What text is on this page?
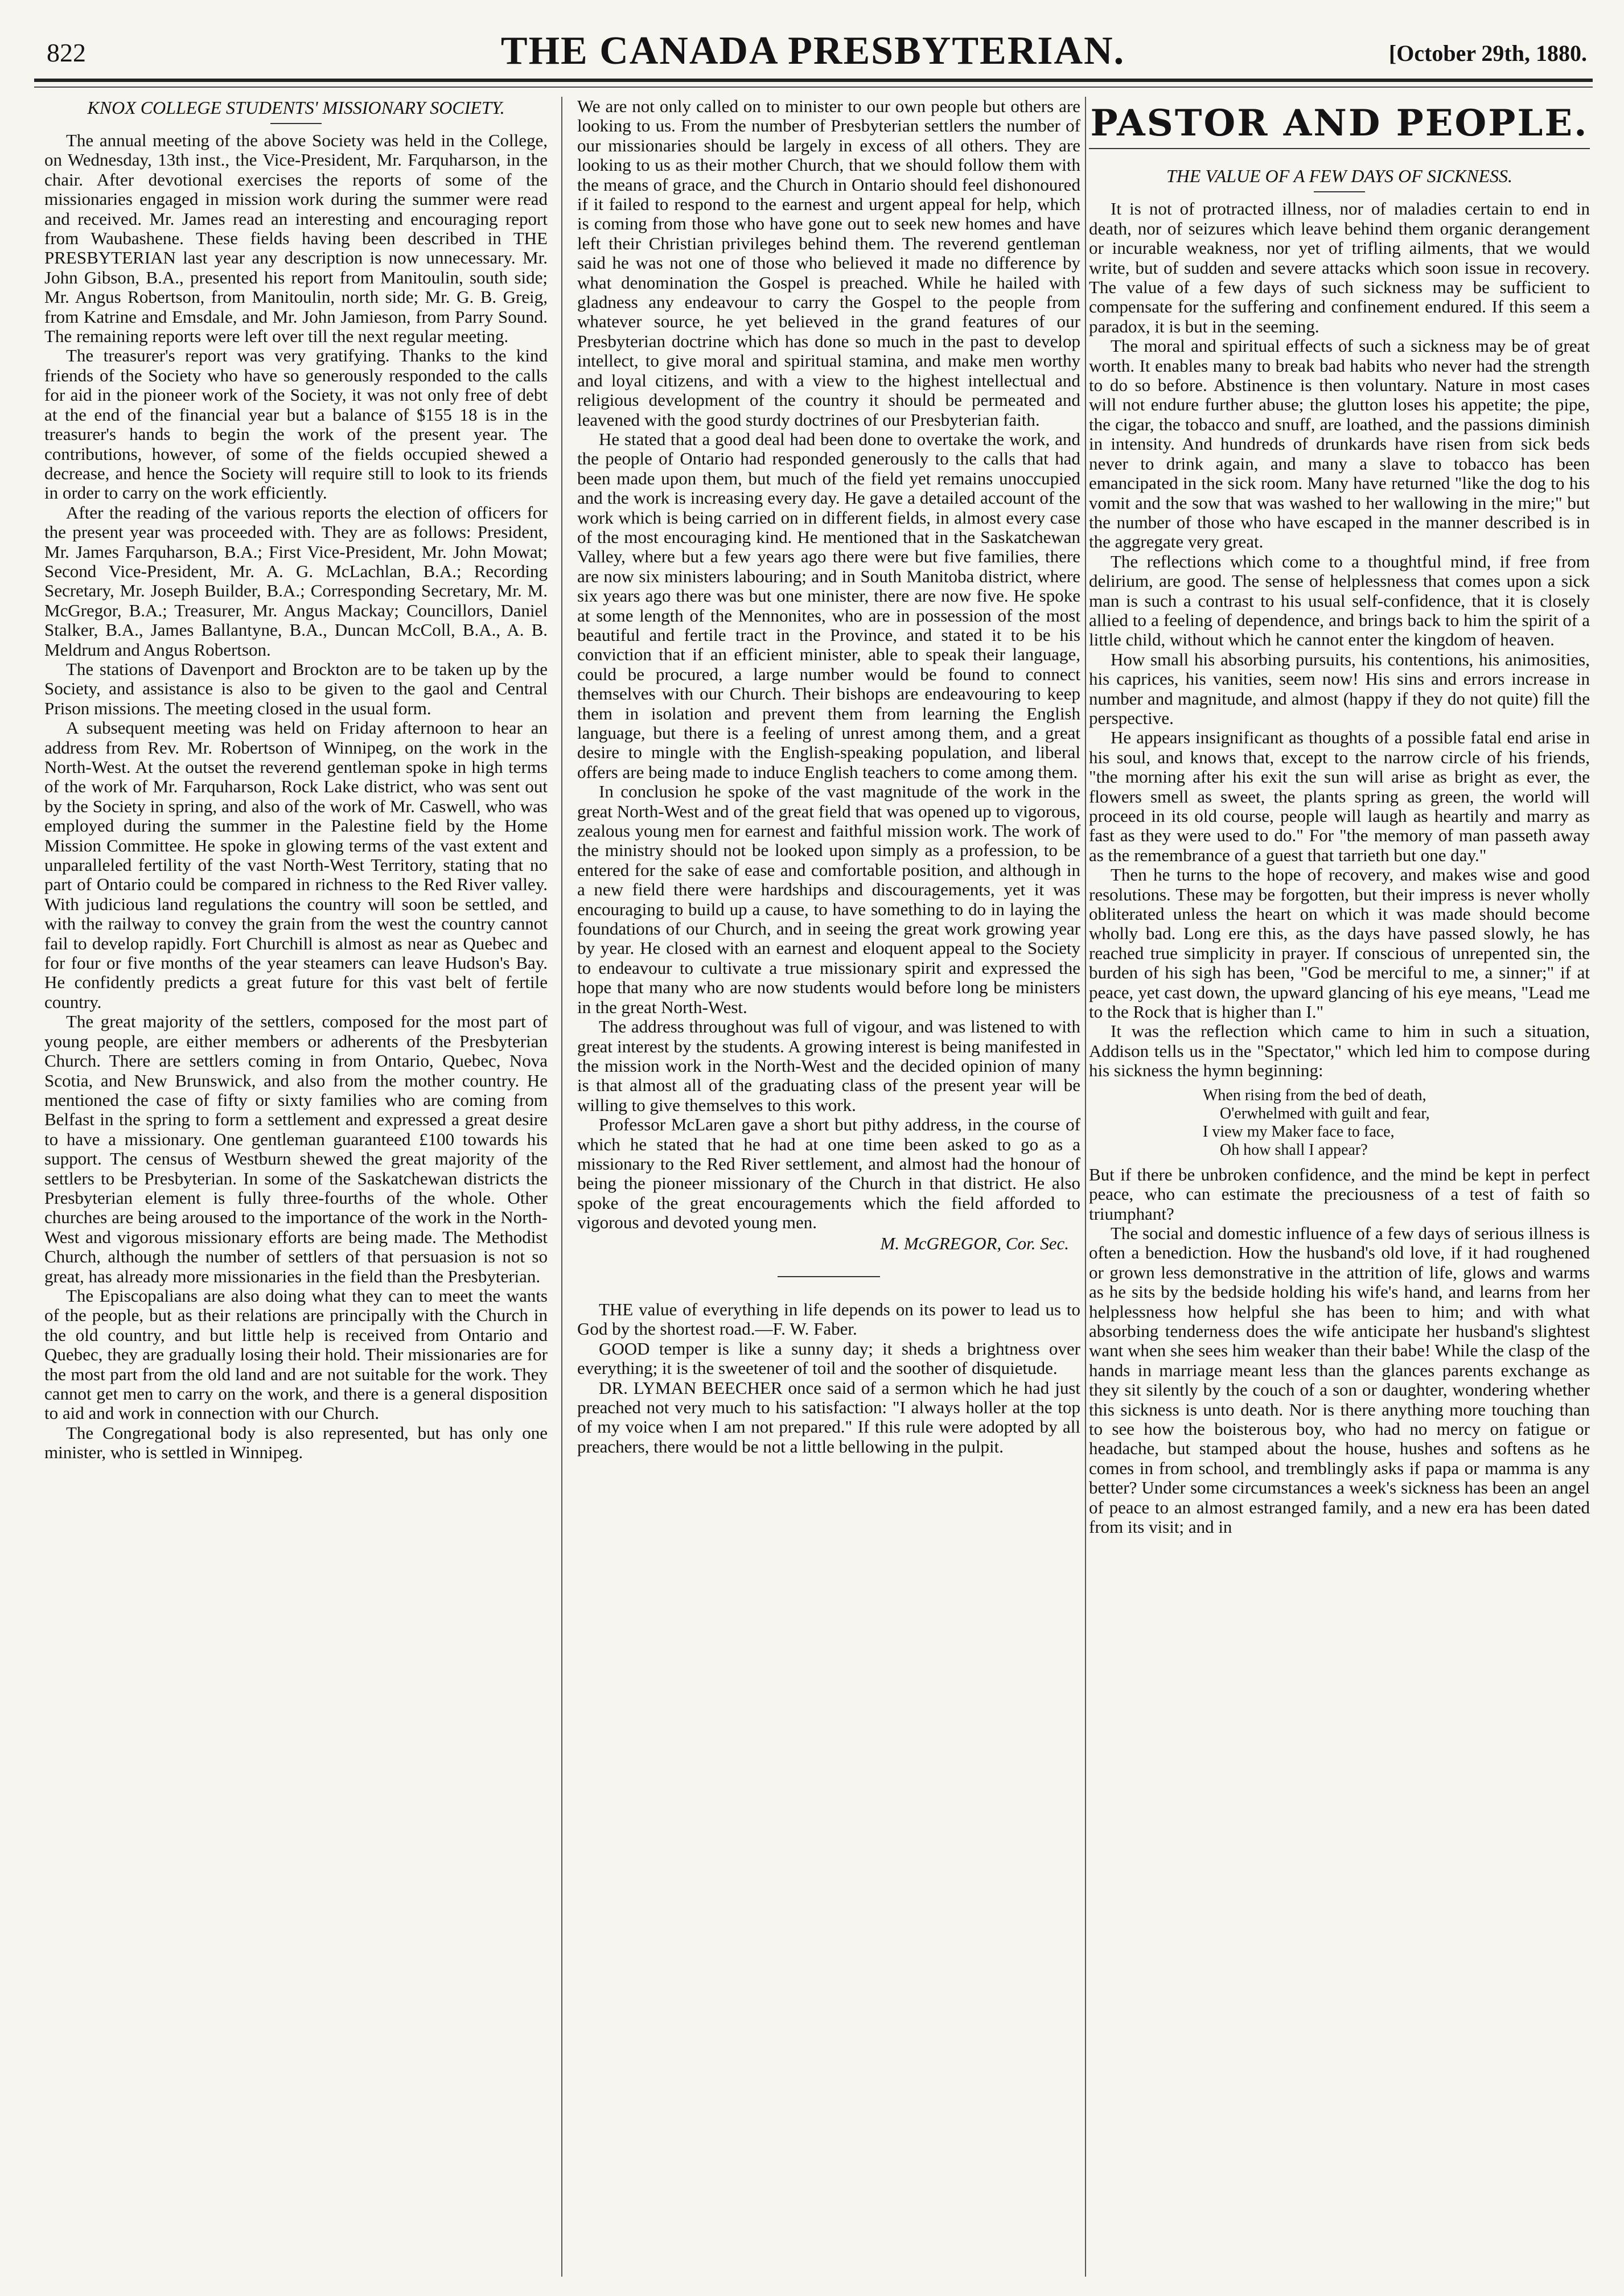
822	THE CANADA PRESBYTERIAN.	[October 29th, 1880.
KNOX COLLEGE STUDENTS' MISSIONARY SOCIETY.

The annual meeting of the above Society was held in the College, on Wednesday, 13th inst., the Vice-President, Mr. Farquharson, in the chair. After devotional exercises the reports of some of the missionaries engaged in mission work during the summer were read and received. Mr. James read an interesting and encouraging report from Waubashene. These fields having been described in THE PRESBYTERIAN last year any description is now unnecessary. Mr. John Gibson, B.A., presented his report from Manitoulin, south side; Mr. Angus Robertson, from Manitoulin, north side; Mr. G. B. Greig, from Katrine and Emsdale, and Mr. John Jamieson, from Parry Sound. The remaining reports were left over till the next regular meeting.

The treasurer's report was very gratifying. Thanks to the kind friends of the Society who have so generously responded to the calls for aid in the pioneer work of the Society, it was not only free of debt at the end of the financial year but a balance of $155 18 is in the treasurer's hands to begin the work of the present year. The contributions, however, of some of the fields occupied shewed a decrease, and hence the Society will require still to look to its friends in order to carry on the work efficiently.

After the reading of the various reports the election of officers for the present year was proceeded with. They are as follows: President, Mr. James Farquharson, B.A.; First Vice-President, Mr. John Mowat; Second Vice-President, Mr. A. G. McLachlan, B.A.; Recording Secretary, Mr. Joseph Builder, B.A.; Corresponding Secretary, Mr. M. McGregor, B.A.; Treasurer, Mr. Angus Mackay; Councillors, Daniel Stalker, B.A., James Ballantyne, B.A., Duncan McColl, B.A., A. B. Meldrum and Angus Robertson.

The stations of Davenport and Brockton are to be taken up by the Society, and assistance is also to be given to the gaol and Central Prison missions. The meeting closed in the usual form.

A subsequent meeting was held on Friday afternoon to hear an address from Rev. Mr. Robertson of Winnipeg, on the work in the North-West. At the outset the reverend gentleman spoke in high terms of the work of Mr. Farquharson, Rock Lake district, who was sent out by the Society in spring, and also of the work of Mr. Caswell, who was employed during the summer in the Palestine field by the Home Mission Committee. He spoke in glowing terms of the vast extent and unparalleled fertility of the vast North-West Territory, stating that no part of Ontario could be compared in richness to the Red River valley. With judicious land regulations the country will soon be settled, and with the railway to convey the grain from the west the country cannot fail to develop rapidly. Fort Churchill is almost as near as Quebec and for four or five months of the year steamers can leave Hudson's Bay. He confidently predicts a great future for this vast belt of fertile country.

The great majority of the settlers, composed for the most part of young people, are either members or adherents of the Presbyterian Church. There are settlers coming in from Ontario, Quebec, Nova Scotia, and New Brunswick, and also from the mother country. He mentioned the case of fifty or sixty families who are coming from Belfast in the spring to form a settlement and expressed a great desire to have a missionary. One gentleman guaranteed £100 towards his support. The census of Westburn shewed the great majority of the settlers to be Presbyterian. In some of the Saskatchewan districts the Presbyterian element is fully three-fourths of the whole. Other churches are being aroused to the importance of the work in the North-West and vigorous missionary efforts are being made. The Methodist Church, although the number of settlers of that persuasion is not so great, has already more missionaries in the field than the Presbyterian.

The Episcopalians are also doing what they can to meet the wants of the people, but as their relations are principally with the Church in the old country, and but little help is received from Ontario and Quebec, they are gradually losing their hold. Their missionaries are for the most part from the old land and are not suitable for the work. They cannot get men to carry on the work, and there is a general disposition to aid and work in connection with our Church.

The Congregational body is also represented, but has only one minister, who is settled in Winnipeg.

We are not only called on to minister to our own people but others are looking to us. From the number of Presbyterian settlers the number of our missionaries should be largely in excess of all others. They are looking to us as their mother Church, that we should follow them with the means of grace, and the Church in Ontario should feel dishonoured if it failed to respond to the earnest and urgent appeal for help, which is coming from those who have gone out to seek new homes and have left their Christian privileges behind them. The reverend gentleman said he was not one of those who believed it made no difference by what denomination the Gospel is preached. While he hailed with gladness any endeavour to carry the Gospel to the people from whatever source, he yet believed in the grand features of our Presbyterian doctrine which has done so much in the past to develop intellect, to give moral and spiritual stamina, and make men worthy and loyal citizens, and with a view to the highest intellectual and religious development of the country it should be permeated and leavened with the good sturdy doctrines of our Presbyterian faith.

He stated that a good deal had been done to overtake the work, and the people of Ontario had responded generously to the calls that had been made upon them, but much of the field yet remains unoccupied and the work is increasing every day. He gave a detailed account of the work which is being carried on in different fields, in almost every case of the most encouraging kind. He mentioned that in the Saskatchewan Valley, where but a few years ago there were but five families, there are now six ministers labouring; and in South Manitoba district, where six years ago there was but one minister, there are now five. He spoke at some length of the Mennonites, who are in possession of the most beautiful and fertile tract in the Province, and stated it to be his conviction that if an efficient minister, able to speak their language, could be procured, a large number would be found to connect themselves with our Church. Their bishops are endeavouring to keep them in isolation and prevent them from learning the English language, but there is a feeling of unrest among them, and a great desire to mingle with the English-speaking population, and liberal offers are being made to induce English teachers to come among them.

In conclusion he spoke of the vast magnitude of the work in the great North-West and of the great field that was opened up to vigorous, zealous young men for earnest and faithful mission work. The work of the ministry should not be looked upon simply as a profession, to be entered for the sake of ease and comfortable position, and although in a new field there were hardships and discouragements, yet it was encouraging to build up a cause, to have something to do in laying the foundations of our Church, and in seeing the great work growing year by year. He closed with an earnest and eloquent appeal to the Society to endeavour to cultivate a true missionary spirit and expressed the hope that many who are now students would before long be ministers in the great North-West.

The address throughout was full of vigour, and was listened to with great interest by the students. A growing interest is being manifested in the mission work in the North-West and the decided opinion of many is that almost all of the graduating class of the present year will be willing to give themselves to this work.

Professor McLaren gave a short but pithy address, in the course of which he stated that he had at one time been asked to go as a missionary to the Red River settlement, and almost had the honour of being the pioneer missionary of the Church in that district. He also spoke of the great encouragements which the field afforded to vigorous and devoted young men.

M. McGREGOR, Cor. Sec.

THE value of everything in life depends on its power to lead us to God by the shortest road.—F. W. Faber.

GOOD temper is like a sunny day; it sheds a brightness over everything; it is the sweetener of toil and the soother of disquietude.

DR. LYMAN BEECHER once said of a sermon which he had just preached not very much to his satisfaction: "I always holler at the top of my voice when I am not prepared." If this rule were adopted by all preachers, there would be not a little bellowing in the pulpit.

PASTOR AND PEOPLE.
THE VALUE OF A FEW DAYS OF SICKNESS.

It is not of protracted illness, nor of maladies certain to end in death, nor of seizures which leave behind them organic derangement or incurable weakness, nor yet of trifling ailments, that we would write, but of sudden and severe attacks which soon issue in recovery. The value of a few days of such sickness may be sufficient to compensate for the suffering and confinement endured. If this seem a paradox, it is but in the seeming.

The moral and spiritual effects of such a sickness may be of great worth. It enables many to break bad habits who never had the strength to do so before. Abstinence is then voluntary. Nature in most cases will not endure further abuse; the glutton loses his appetite; the pipe, the cigar, the tobacco and snuff, are loathed, and the passions diminish in intensity. And hundreds of drunkards have risen from sick beds never to drink again, and many a slave to tobacco has been emancipated in the sick room. Many have returned "like the dog to his vomit and the sow that was washed to her wallowing in the mire;" but the number of those who have escaped in the manner described is in the aggregate very great.

The reflections which come to a thoughtful mind, if free from delirium, are good. The sense of helplessness that comes upon a sick man is such a contrast to his usual self-confidence, that it is closely allied to a feeling of dependence, and brings back to him the spirit of a little child, without which he cannot enter the kingdom of heaven.

How small his absorbing pursuits, his contentions, his animosities, his caprices, his vanities, seem now! His sins and errors increase in number and magnitude, and almost (happy if they do not quite) fill the perspective.

He appears insignificant as thoughts of a possible fatal end arise in his soul, and knows that, except to the narrow circle of his friends, "the morning after his exit the sun will arise as bright as ever, the flowers smell as sweet, the plants spring as green, the world will proceed in its old course, people will laugh as heartily and marry as fast as they were used to do." For "the memory of man passeth away as the remembrance of a guest that tarrieth but one day."

Then he turns to the hope of recovery, and makes wise and good resolutions. These may be forgotten, but their impress is never wholly obliterated unless the heart on which it was made should become wholly bad. Long ere this, as the days have passed slowly, he has reached true simplicity in prayer. If conscious of unrepented sin, the burden of his sigh has been, "God be merciful to me, a sinner;" if at peace, yet cast down, the upward glancing of his eye means, "Lead me to the Rock that is higher than I."

It was the reflection which came to him in such a situation, Addison tells us in the "Spectator," which led him to compose during his sickness the hymn beginning:

When rising from the bed of death,
O'erwhelmed with guilt and fear,
I view my Maker face to face,
Oh how shall I appear?

But if there be unbroken confidence, and the mind be kept in perfect peace, who can estimate the preciousness of a test of faith so triumphant?

The social and domestic influence of a few days of serious illness is often a benediction. How the husband's old love, if it had roughened or grown less demonstrative in the attrition of life, glows and warms as he sits by the bedside holding his wife's hand, and learns from her helplessness how helpful she has been to him; and with what absorbing tenderness does the wife anticipate her husband's slightest want when she sees him weaker than their babe! While the clasp of the hands in marriage meant less than the glances parents exchange as they sit silently by the couch of a son or daughter, wondering whether this sickness is unto death. Nor is there anything more touching than to see how the boisterous boy, who had no mercy on fatigue or headache, but stamped about the house, hushes and softens as he comes in from school, and tremblingly asks if papa or mamma is any better? Under some circumstances a week's sickness has been an angel of peace to an almost estranged family, and a new era has been dated from its visit; and in
